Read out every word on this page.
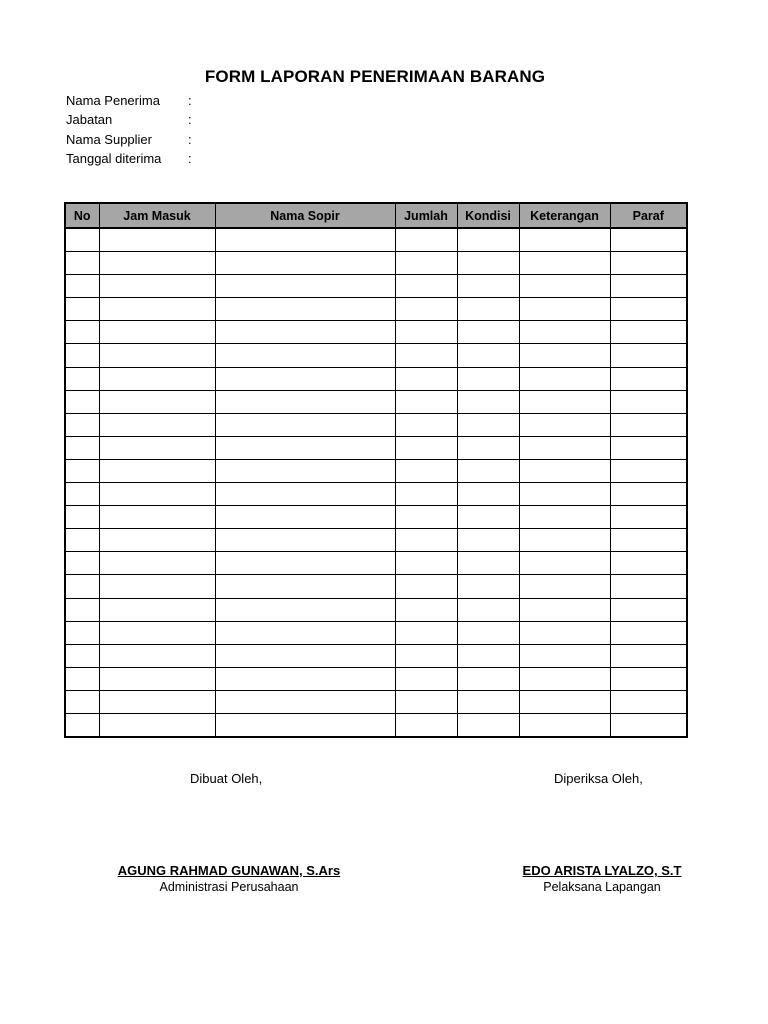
FORM LAPORAN PENERIMAAN BARANG
Nama Penerima	:
Jabatan	:
Nama Supplier	:
Tanggal diterima	:
No	Jam Masuk	Nama Sopir	Jumlah	Kondisi	Keterangan	Paraf

Dibuat Oleh,	Diperiksa Oleh,
AGUNG RAHMAD GUNAWAN, S.Ars	EDO ARISTA LYALZO, S.T
Administrasi Perusahaan	Pelaksana Lapangan
